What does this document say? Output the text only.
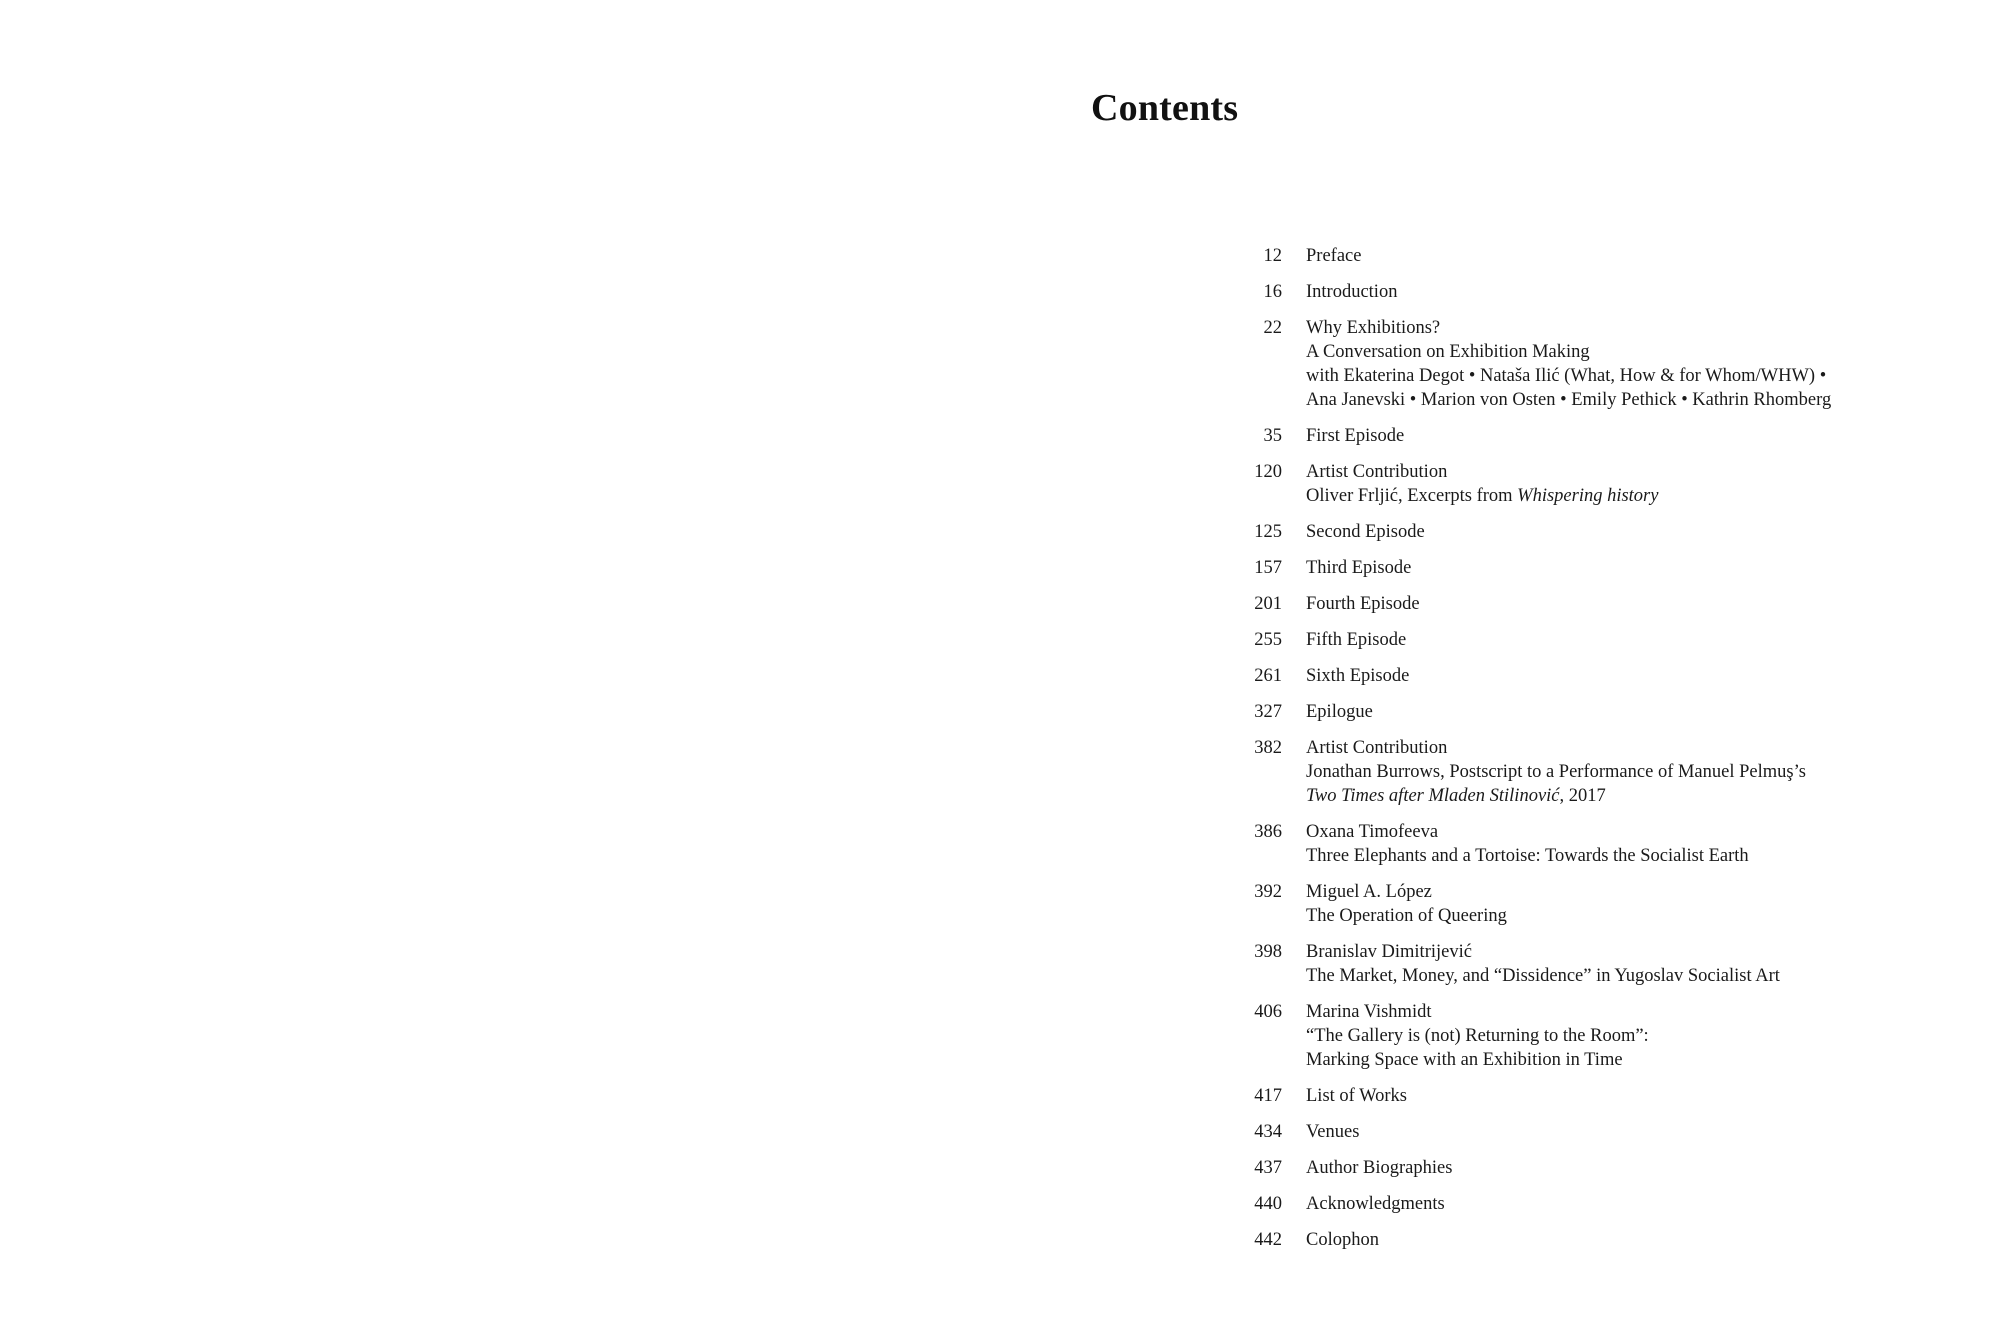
Contents
12 Preface
16 Introduction
22 Why Exhibitions?
A Conversation on Exhibition Making
with Ekaterina Degot • Nataša Ilić (What, How & for Whom/WHW) •
Ana Janevski • Marion von Osten • Emily Pethick • Kathrin Rhomberg
35 First Episode
120 Artist Contribution
Oliver Frljić, Excerpts from Whispering history
125 Second Episode
157 Third Episode
201 Fourth Episode
255 Fifth Episode
261 Sixth Episode
327 Epilogue
382 Artist Contribution
Jonathan Burrows, Postscript to a Performance of Manuel Pelmuş’s
Two Times after Mladen Stilinović, 2017
386 Oxana Timofeeva
Three Elephants and a Tortoise: Towards the Socialist Earth
392 Miguel A. López
The Operation of Queering
398 Branislav Dimitrijević
The Market, Money, and “Dissidence” in Yugoslav Socialist Art
406 Marina Vishmidt
“The Gallery is (not) Returning to the Room”:
Marking Space with an Exhibition in Time
417 List of Works
434 Venues
437 Author Biographies
440 Acknowledgments
442 Colophon
